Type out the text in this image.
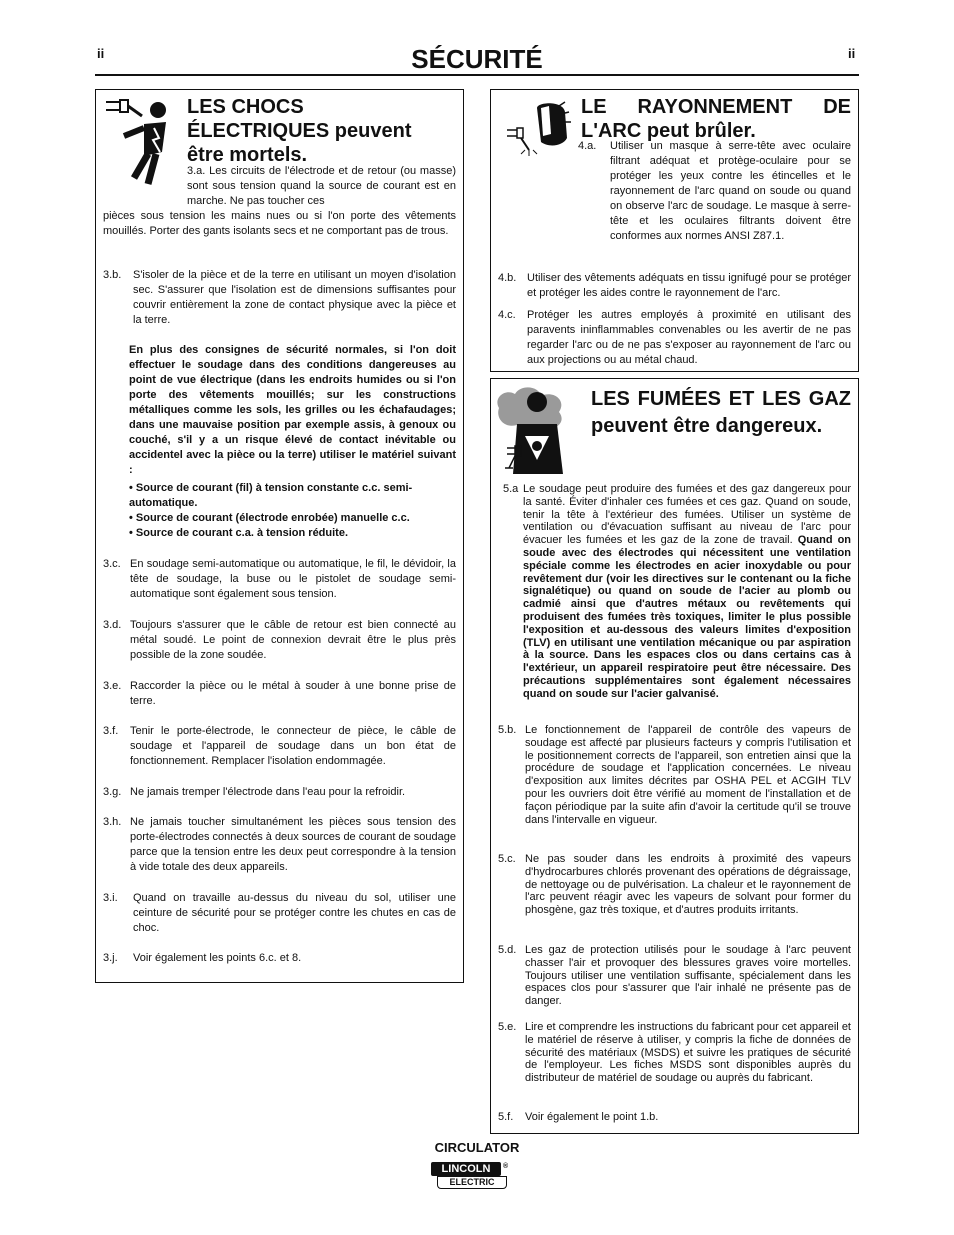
ii	ii
SÉCURITÉ
LES CHOCS ÉLECTRIQUES peuvent être mortels.
3.a. Les circuits de l'électrode et de retour (ou masse) sont sous tension quand la source de courant est en marche. Ne pas toucher ces
pièces sous tension les mains nues ou si l'on porte des vêtements mouillés. Porter des gants isolants secs et ne comportant pas de trous.
3.b. S'isoler de la pièce et de la terre en utilisant un moyen d'isolation sec. S'assurer que l'isolation est de dimensions suffisantes pour couvrir entièrement la zone de contact physique avec la pièce et la terre.
En plus des consignes de sécurité normales, si l'on doit effectuer le soudage dans des conditions dangereuses au point de vue électrique (dans les endroits humides ou si l'on porte des vêtements mouillés; sur les constructions métalliques comme les sols, les grilles ou les échafaudages; dans une mauvaise position par exemple assis, à genoux ou couché, s'il y a un risque élevé de contact inévitable ou accidentel avec la pièce ou la terre) utiliser le matériel suivant :
• Source de courant (fil) à tension constante c.c. semi-automatique.
• Source de courant (électrode enrobée) manuelle c.c.
• Source de courant c.a. à tension réduite.
3.c. En soudage semi-automatique ou automatique, le fil, le dévidoir, la tête de soudage, la buse ou le pistolet de soudage semi-automatique sont également sous tension.
3.d. Toujours s'assurer que le câble de retour est bien connecté au métal soudé. Le point de connexion devrait être le plus près possible de la zone soudée.
3.e. Raccorder la pièce ou le métal à souder à une bonne prise de terre.
3.f. Tenir le porte-électrode, le connecteur de pièce, le câble de soudage et l'appareil de soudage dans un bon état de fonctionnement. Remplacer l'isolation endommagée.
3.g. Ne jamais tremper l'électrode dans l'eau pour la refroidir.
3.h. Ne jamais toucher simultanément les pièces sous tension des porte-électrodes connectés à deux sources de courant de soudage parce que la tension entre les deux peut correspondre à la tension à vide totale des deux appareils.
3.i. Quand on travaille au-dessus du niveau du sol, utiliser une ceinture de sécurité pour se protéger contre les chutes en cas de choc.
3.j. Voir également les points 6.c. et 8.
LE RAYONNEMENT DE L'ARC peut brûler.
4.a. Utiliser un masque à serre-tête avec oculaire filtrant adéquat et protège-oculaire pour se protéger les yeux contre les étincelles et le rayonnement de l'arc quand on soude ou quand on observe l'arc de soudage. Le masque à serre-tête et les oculaires filtrants doivent être conformes aux normes ANSI Z87.1.
4.b. Utiliser des vêtements adéquats en tissu ignifugé pour se protéger et protéger les aides contre le rayonnement de l'arc.
4.c. Protéger les autres employés à proximité en utilisant des paravents ininflammables convenables ou les avertir de ne pas regarder l'arc ou de ne pas s'exposer au rayonnement de l'arc ou aux projections ou au métal chaud.
LES FUMÉES ET LES GAZ peuvent être dangereux.
5.a Le soudage peut produire des fumées et des gaz dangereux pour la santé. Éviter d'inhaler ces fumées et ces gaz. Quand on soude, tenir la tête à l'extérieur des fumées. Utiliser un système de ventilation ou d'évacuation suffisant au niveau de l'arc pour évacuer les fumées et les gaz de la zone de travail. Quand on soude avec des électrodes qui nécessitent une ventilation spéciale comme les électrodes en acier inoxydable ou pour revêtement dur (voir les directives sur le contenant ou la fiche signalétique) ou quand on soude de l'acier au plomb ou cadmié ainsi que d'autres métaux ou revêtements qui produisent des fumées très toxiques, limiter le plus possible l'exposition et au-dessous des valeurs limites d'exposition (TLV) en utilisant une ventilation mécanique ou par aspiration à la source. Dans les espaces clos ou dans certains cas à l'extérieur, un appareil respiratoire peut être nécessaire. Des précautions supplémentaires sont également nécessaires quand on soude sur l'acier galvanisé.
5.b. Le fonctionnement de l'appareil de contrôle des vapeurs de soudage est affecté par plusieurs facteurs y compris l'utilisation et le positionnement corrects de l'appareil, son entretien ainsi que la procédure de soudage et l'application concernées. Le niveau d'exposition aux limites décrites par OSHA PEL et ACGIH TLV pour les ouvriers doit être vérifié au moment de l'installation et de façon périodique par la suite afin d'avoir la certitude qu'il se trouve dans l'intervalle en vigueur.
5.c. Ne pas souder dans les endroits à proximité des vapeurs d'hydrocarbures chlorés provenant des opérations de dégraissage, de nettoyage ou de pulvérisation. La chaleur et le rayonnement de l'arc peuvent réagir avec les vapeurs de solvant pour former du phosgène, gaz très toxique, et d'autres produits irritants.
5.d. Les gaz de protection utilisés pour le soudage à l'arc peuvent chasser l'air et provoquer des blessures graves voire mortelles. Toujours utiliser une ventilation suffisante, spécialement dans les espaces clos pour s'assurer que l'air inhalé ne présente pas de danger.
5.e. Lire et comprendre les instructions du fabricant pour cet appareil et le matériel de réserve à utiliser, y compris la fiche de données de sécurité des matériaux (MSDS) et suivre les pratiques de sécurité de l'employeur. Les fiches MSDS sont disponibles auprès du distributeur de matériel de soudage ou auprès du fabricant.
5.f. Voir également le point 1.b.
CIRCULATOR
LINCOLN	®
ELECTRIC
